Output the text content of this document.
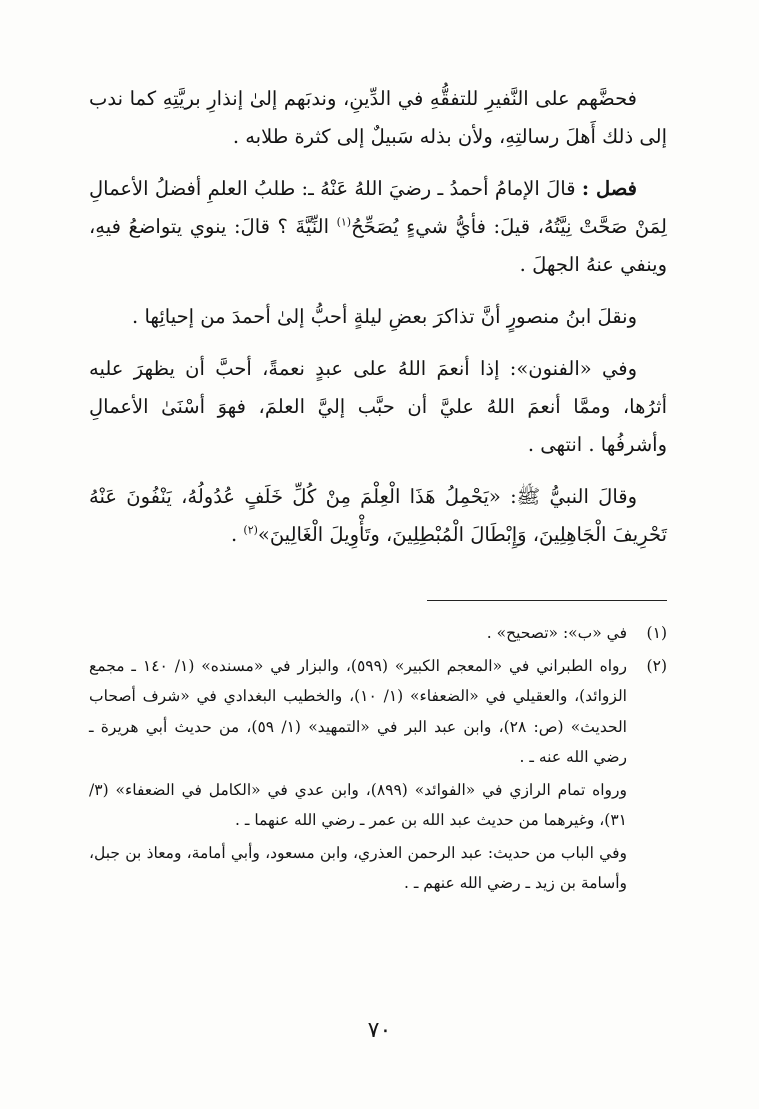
فحضَّهم على النَّفيرِ للتفقُّهِ في الدِّينِ، وندبَهم إلىٰ إنذارِ بريَّتِهِ كما ندب إلى ذلك أَهلَ رسالتِهِ، ولأن بذله سَبيلٌ إلى كثرة طلابه .

فصل : قالَ الإمامُ أحمدُ ـ رضيَ اللهُ عَنْهُ ـ: طلبُ العلمِ أفضلُ الأعمالِ لِمَنْ صَحَّتْ نِيَّتُهُ، قيلَ: فأيُّ شيءٍ يُصَحِّحُ$^{(١)}$ النِّيَّةَ ؟ قالَ: ينوي يتواضعُ فيهِ، وينفي عنهُ الجهلَ .

ونقلَ ابنُ منصورٍ أنَّ تذاكرَ بعضِ ليلةٍ أحبُّ إلىٰ أحمدَ من إحيائِها .

وفي «الفنون»: إذا أنعمَ اللهُ على عبدٍ نعمةً، أحبَّ أن يظهرَ عليه أثرُها، وممَّا أنعمَ اللهُ عليَّ أن حبَّب إليَّ العلمَ، فهوَ أسْنَىٰ الأعمالِ وأشرفُها . انتهى .

وقالَ النبيُّ ﷺ: «يَحْمِلُ هَذَا الْعِلْمَ مِنْ كُلِّ خَلَفٍ عُدُولُهُ، يَنْفُونَ عَنْهُ تَحْرِيفَ الْجَاهِلِينَ، وَإِبْطَالَ الْمُبْطِلِينَ، وتَأْوِيلَ الْغَالِينَ»$^{(٢)}$ .

(١)

في «ب»: «تصحيح» .

(٢)

رواه الطبراني في «المعجم الكبير» (٥٩٩)، والبزار في «مسنده» (١/ ١٤٠ ـ مجمع الزوائد)، والعقيلي في «الضعفاء» (١/ ١٠)، والخطيب البغدادي في «شرف أصحاب الحديث» (ص: ٢٨)، وابن عبد البر في «التمهيد» (١/ ٥٩)، من حديث أبي هريرة ـ رضي الله عنه ـ .

ورواه تمام الرازي في «الفوائد» (٨٩٩)، وابن عدي في «الكامل في الضعفاء» (٣/ ٣١)، وغيرهما من حديث عبد الله بن عمر ـ رضي الله عنهما ـ .

وفي الباب من حديث: عبد الرحمن العذري، وابن مسعود، وأبي أمامة، ومعاذ بن جبل، وأسامة بن زيد ـ رضي الله عنهم ـ .

٧٠
